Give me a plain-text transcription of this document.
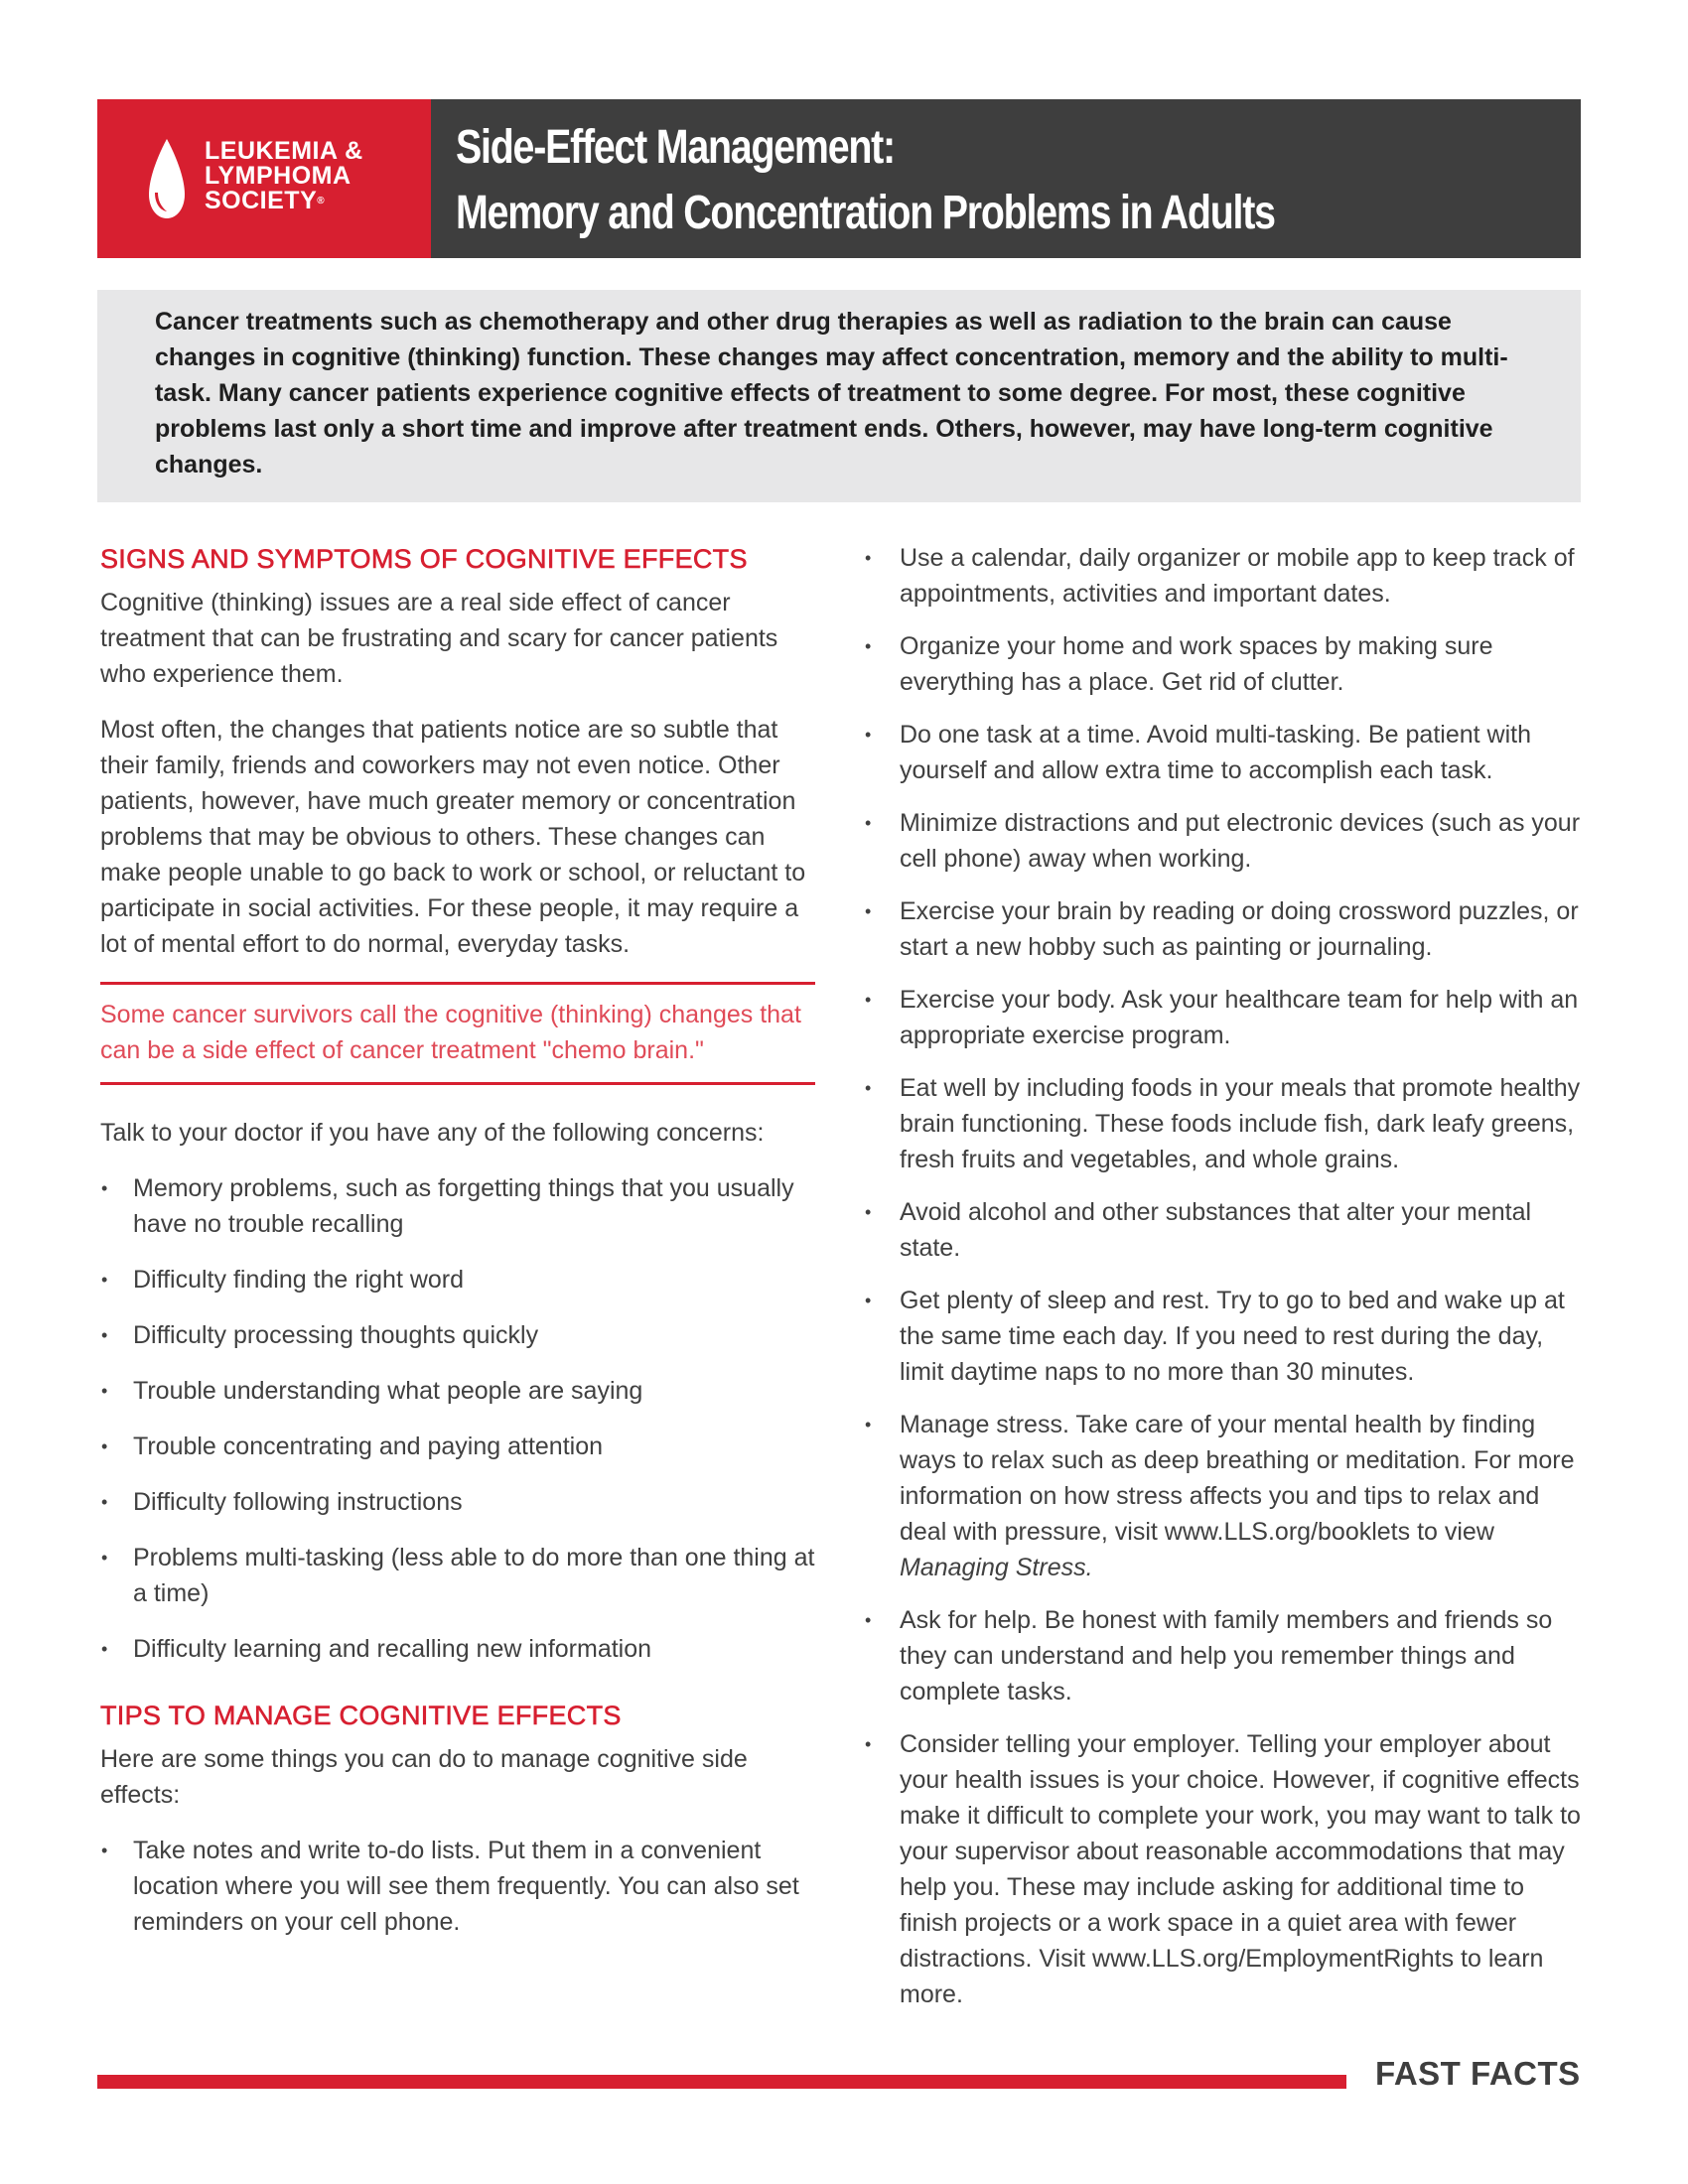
LEUKEMIA &
LYMPHOMA
SOCIETY®
Side-Effect Management:
Memory and Concentration Problems in Adults

Cancer treatments such as chemotherapy and other drug therapies as well as radiation to the brain can cause changes in cognitive (thinking) function. These changes may affect concentration, memory and the ability to multi-task. Many cancer patients experience cognitive effects of treatment to some degree. For most, these cognitive problems last only a short time and improve after treatment ends. Others, however, may have long-term cognitive changes.

SIGNS AND SYMPTOMS OF COGNITIVE EFFECTS

Cognitive (thinking) issues are a real side effect of cancer treatment that can be frustrating and scary for cancer patients who experience them.

Most often, the changes that patients notice are so subtle that their family, friends and coworkers may not even notice. Other patients, however, have much greater memory or concentration problems that may be obvious to others. These changes can make people unable to go back to work or school, or reluctant to participate in social activities. For these people, it may require a lot of mental effort to do normal, everyday tasks.

Some cancer survivors call the cognitive (thinking) changes that can be a side effect of cancer treatment "chemo brain."

Talk to your doctor if you have any of the following concerns:

• Memory problems, such as forgetting things that you usually have no trouble recalling
• Difficulty finding the right word
• Difficulty processing thoughts quickly
• Trouble understanding what people are saying
• Trouble concentrating and paying attention
• Difficulty following instructions
• Problems multi-tasking (less able to do more than one thing at a time)
• Difficulty learning and recalling new information
TIPS TO MANAGE COGNITIVE EFFECTS

Here are some things you can do to manage cognitive side effects:

• Take notes and write to-do lists. Put them in a convenient location where you will see them frequently. You can also set reminders on your cell phone.
• Use a calendar, daily organizer or mobile app to keep track of appointments, activities and important dates.
• Organize your home and work spaces by making sure everything has a place. Get rid of clutter.
• Do one task at a time. Avoid multi-tasking. Be patient with yourself and allow extra time to accomplish each task.
• Minimize distractions and put electronic devices (such as your cell phone) away when working.
• Exercise your brain by reading or doing crossword puzzles, or start a new hobby such as painting or journaling.
• Exercise your body. Ask your healthcare team for help with an appropriate exercise program.
• Eat well by including foods in your meals that promote healthy brain functioning. These foods include fish, dark leafy greens, fresh fruits and vegetables, and whole grains.
• Avoid alcohol and other substances that alter your mental state.
• Get plenty of sleep and rest. Try to go to bed and wake up at the same time each day. If you need to rest during the day, limit daytime naps to no more than 30 minutes.
• Manage stress. Take care of your mental health by finding ways to relax such as deep breathing or meditation. For more information on how stress affects you and tips to relax and deal with pressure, visit www.LLS.org/booklets to view Managing Stress.
• Ask for help. Be honest with family members and friends so they can understand and help you remember things and complete tasks.
• Consider telling your employer. Telling your employer about your health issues is your choice. However, if cognitive effects make it difficult to complete your work, you may want to talk to your supervisor about reasonable accommodations that may help you. These may include asking for additional time to finish projects or a work space in a quiet area with fewer distractions. Visit www.LLS.org/EmploymentRights to learn more.
FAST FACTS
